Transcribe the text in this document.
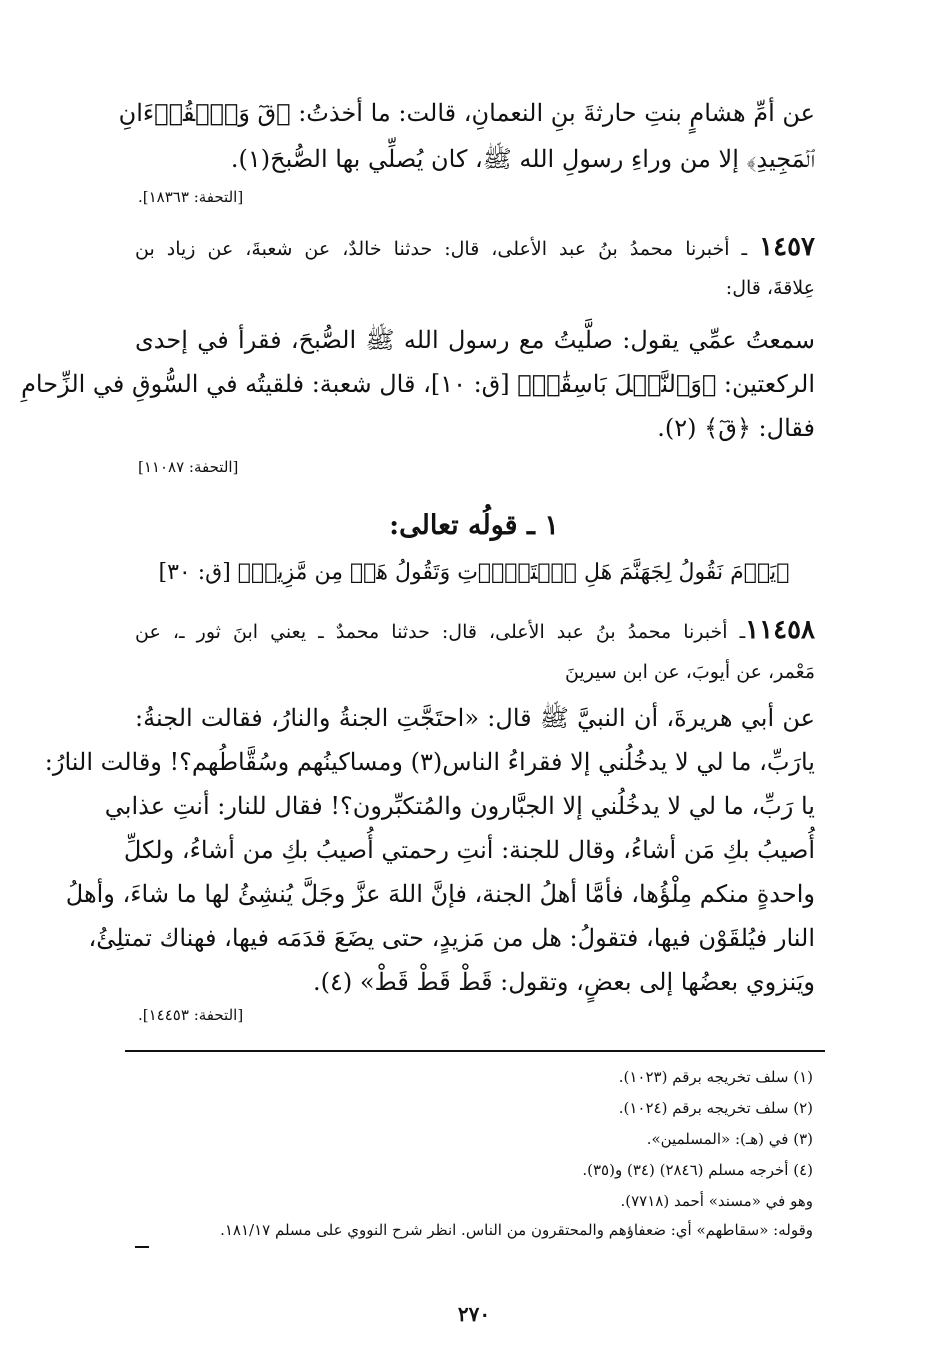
عن أمِّ هشامٍ بنتِ حارثةَ بنِ النعمانِ، قالت: ما أخذتُ: ﴿قٓ وَٱلۡقُرۡءَانِ
ٱلۡمَجِيدِ﴾ إلا من وراءِ رسولِ الله ﷺ، كان يُصلِّي بها الصُّبحَ(١).
[التحفة: ١٨٣٦٣].
١٤٥٧ ـ أخبرنا محمدُ بنُ عبد الأعلى، قال: حدثنا خالدٌ، عن شعبةَ، عن زياد بن
عِلاقةَ، قال:
سمعتُ عمِّي يقول: صلَّيتُ مع رسول الله ﷺ الصُّبحَ، فقرأ في إحدى
الركعتين: ﴿وَٱلنَّخۡلَ بَاسِقَٰتٖ﴾ [ق: ١٠]، قال شعبة: فلقيتُه في السُّوقِ في الزِّحامِ
فقال: ﴿قٓ﴾ (٢).
[التحفة: ١١٠٨٧]
١ ـ قولُه تعالى:
﴿يَوۡمَ نَقُولُ لِجَهَنَّمَ هَلِ ٱمۡتَلَأۡتِ وَتَقُولُ هَلۡ مِن مَّزِيدٖ﴾ [ق: ٣٠]
١١٤٥٨ـ أخبرنا محمدُ بنُ عبد الأعلى، قال: حدثنا محمدٌ ـ يعني ابنَ ثور ـ، عن
مَعْمر، عن أيوبَ، عن ابن سيرينَ
عن أبي هريرةَ، أن النبيَّ ﷺ قال: «احتَجَّتِ الجنةُ والنارُ، فقالت الجنةُ:
يارَبِّ، ما لي لا يدخُلُني إلا فقراءُ الناس(٣) ومساكينُهم وسُقَّاطُهم؟! وقالت النارُ:
يا رَبِّ، ما لي لا يدخُلُني إلا الجبَّارون والمُتكبِّرون؟! فقال للنار: أنتِ عذابي
أُصيبُ بكِ مَن أشاءُ، وقال للجنة: أنتِ رحمتي أُصيبُ بكِ من أشاءُ، ولكلِّ
واحدةٍ منكم مِلْؤُها، فأمَّا أهلُ الجنة، فإنَّ اللهَ عزَّ وجَلَّ يُنشِئُ لها ما شاءَ، وأهلُ
النار فيُلقَوْن فيها، فتقولُ: هل من مَزيدٍ، حتى يضَعَ قدَمَه فيها، فهناك تمتلِئُ،
ويَنزوي بعضُها إلى بعضٍ، وتقول: قَطْ قَطْ قَطْ» (٤).
[التحفة: ١٤٤٥٣].
(١) سلف تخريجه برقم (١٠٢٣).
(٢) سلف تخريجه برقم (١٠٢٤).
(٣) في (هـ): «المسلمين».
(٤) أخرجه مسلم (٢٨٤٦) (٣٤) و(٣٥).
وهو في «مسند» أحمد (٧٧١٨).
وقوله: «سقاطهم» أي: ضعفاؤهم والمحتقرون من الناس. انظر شرح النووي على مسلم ١٨١/١٧.
٢٧٠
